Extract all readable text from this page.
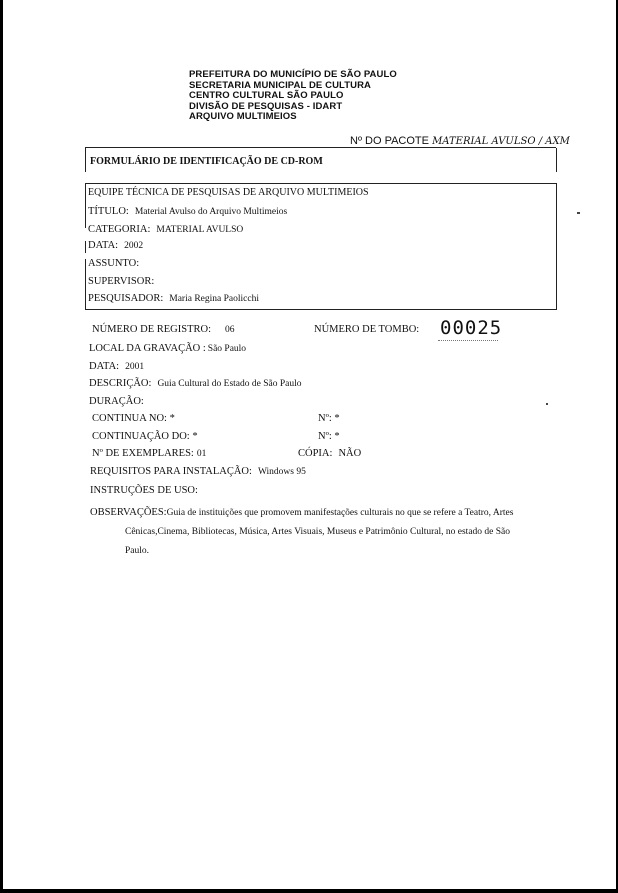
PREFEITURA DO MUNICÍPIO DE SÃO PAULO
SECRETARIA MUNICIPAL DE CULTURA
CENTRO CULTURAL SÃO PAULO
DIVISÃO DE PESQUISAS - IDART
ARQUIVO MULTIMEIOS
Nº DO PACOTE MATERIAL AVULSO / AXM
FORMULÁRIO DE IDENTIFICAÇÃO DE CD-ROM
EQUIPE TÉCNICA DE PESQUISAS DE ARQUIVO MULTIMEIOS
TÍTULO: Material Avulso do Arquivo Multimeios
CATEGORIA: MATERIAL AVULSO
DATA: 2002
ASSUNTO:
SUPERVISOR:
PESQUISADOR: Maria Regina Paolicchi
NÚMERO DE REGISTRO: 06	NÚMERO DE TOMBO: 00025
LOCAL DA GRAVAÇÃO : São Paulo
DATA: 2001
DESCRIÇÃO: Guia Cultural do Estado de São Paulo
DURAÇÃO:
CONTINUA NO: *	Nº: *
CONTINUAÇÃO DO: *	Nº: *
Nº DE EXEMPLARES: 01	CÓPIA: NÃO
REQUISITOS PARA INSTALAÇÃO: Windows 95
INSTRUÇÕES DE USO:
OBSERVAÇÕES:Guia de instituições que promovem manifestações culturais no que se refere a Teatro, Artes
Cênicas,Cinema, Bibliotecas, Música, Artes Visuais, Museus e Patrimônio Cultural, no estado de São
Paulo.
